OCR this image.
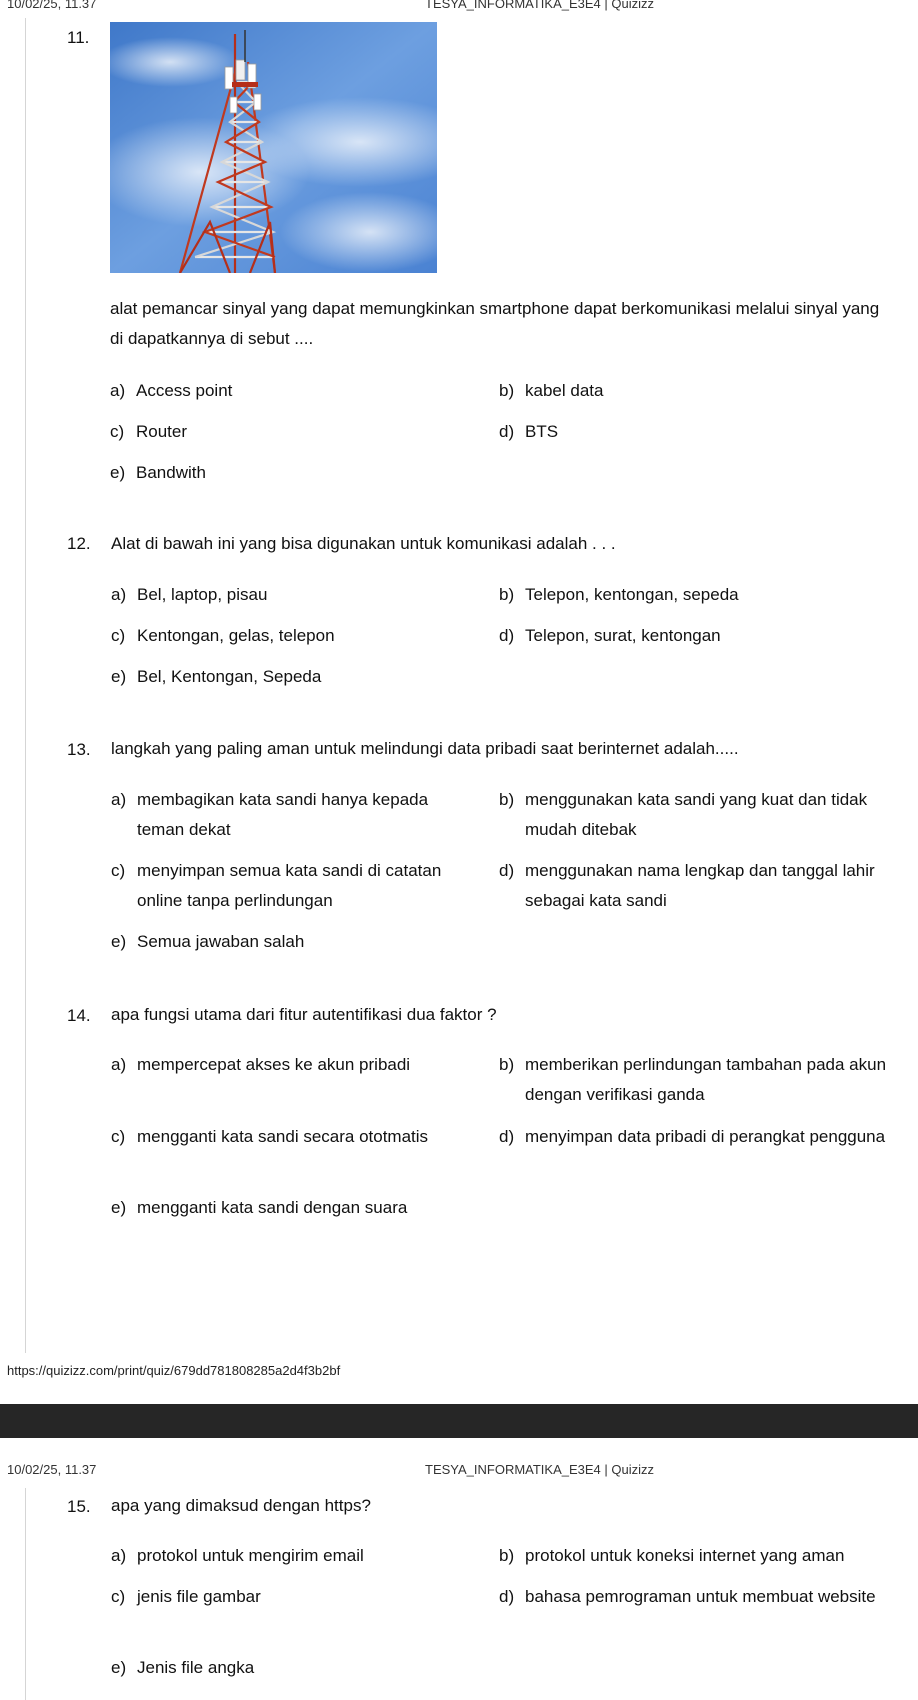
10/02/25, 11.37	TESYA_INFORMATIKA_E3E4 | Quizizz
11.
alat pemancar sinyal yang dapat memungkinkan smartphone dapat berkomunikasi melalui sinyal yang di dapatkannya di sebut ....
a) Access point	b) kabel data
c) Router	d) BTS
e) Bandwith
12. Alat di bawah ini yang bisa digunakan untuk komunikasi adalah . . .
a) Bel, laptop, pisau	b) Telepon, kentongan, sepeda
c) Kentongan, gelas, telepon	d) Telepon, surat, kentongan
e) Bel, Kentongan, Sepeda
13. langkah yang paling aman untuk melindungi data pribadi saat berinternet adalah.....
a) membagikan kata sandi hanya kepada teman dekat
b) menggunakan kata sandi yang kuat dan tidak mudah ditebak
c) menyimpan semua kata sandi di catatan online tanpa perlindungan
d) menggunakan nama lengkap dan tanggal lahir sebagai kata sandi
e) Semua jawaban salah
14. apa fungsi utama dari fitur autentifikasi dua faktor ?
a) mempercepat akses ke akun pribadi	b) memberikan perlindungan tambahan pada akun dengan verifikasi ganda
c) mengganti kata sandi secara ototmatis	d) menyimpan data pribadi di perangkat pengguna
e) mengganti kata sandi dengan suara
https://quizizz.com/print/quiz/679dd781808285a2d4f3b2bf
10/02/25, 11.37	TESYA_INFORMATIKA_E3E4 | Quizizz
15. apa yang dimaksud dengan https?
a) protokol untuk mengirim email	b) protokol untuk koneksi internet yang aman
c) jenis file gambar	d) bahasa pemrograman untuk membuat website
e) Jenis file angka
